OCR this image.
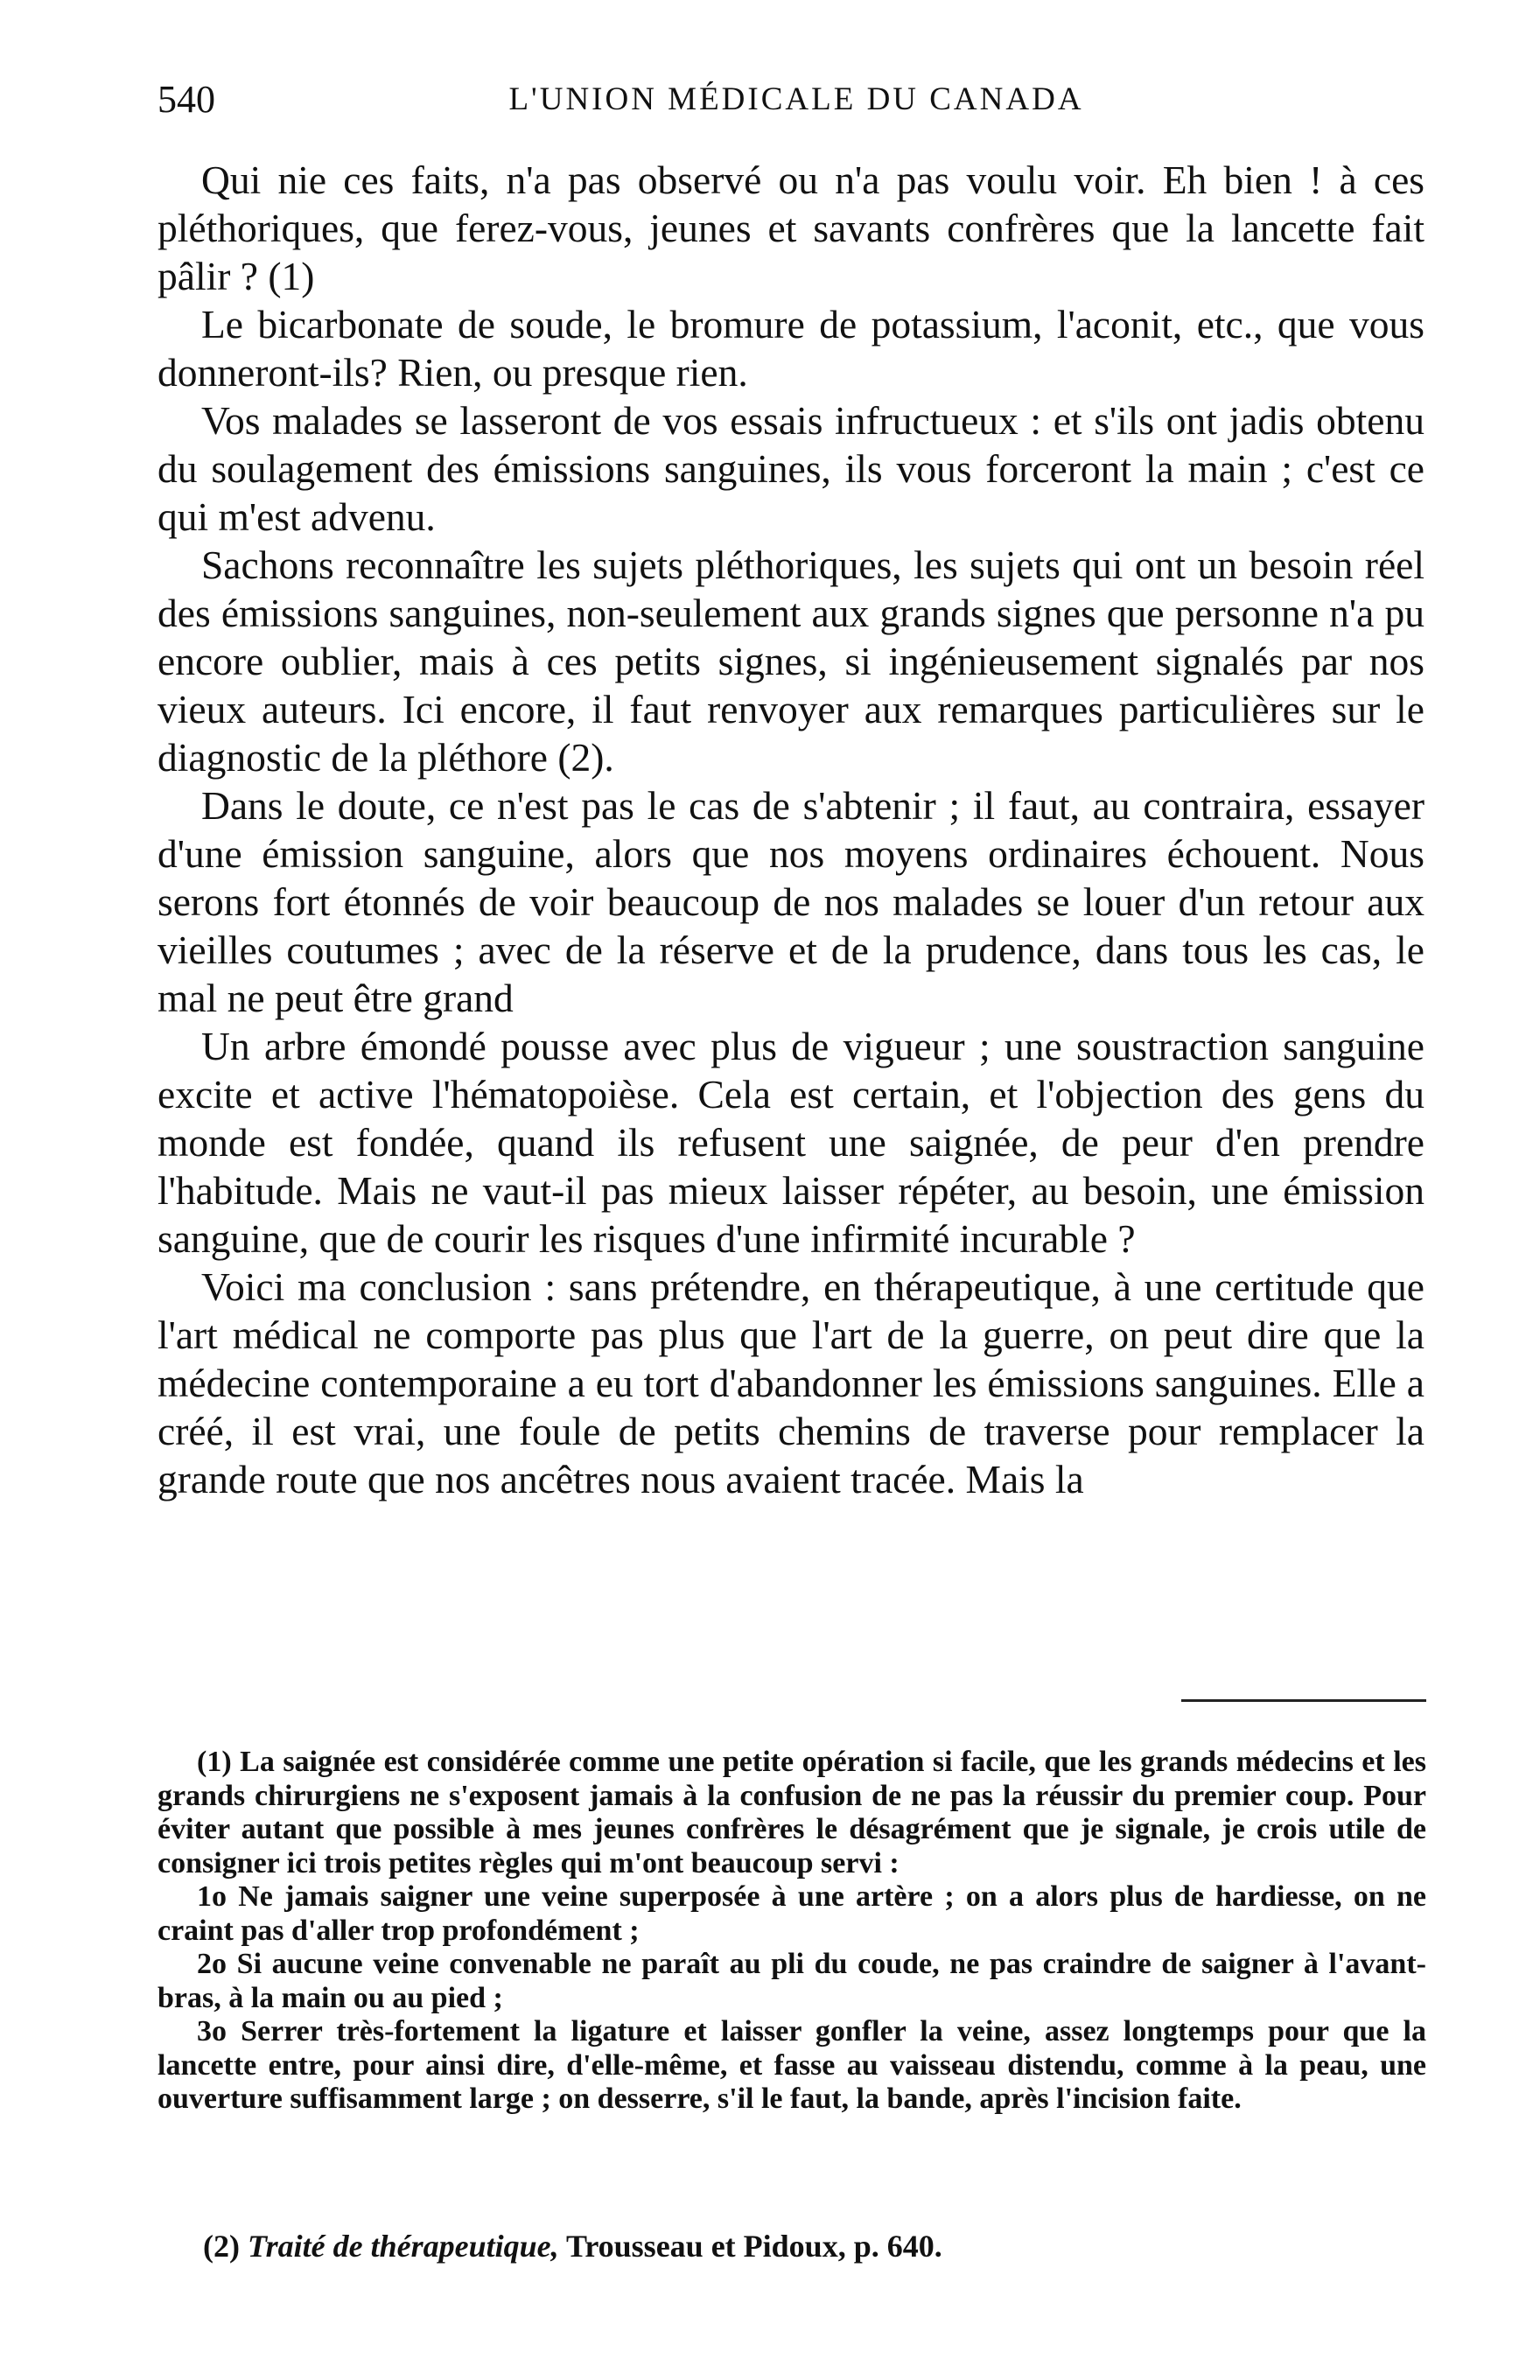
540	L'UNION MÉDICALE DU CANADA

Qui nie ces faits, n'a pas observé ou n'a pas voulu voir. Eh bien ! à ces pléthoriques, que ferez-vous, jeunes et savants confrères que la lancette fait pâlir ? (1)

Le bicarbonate de soude, le bromure de potassium, l'aconit, etc., que vous donneront-ils? Rien, ou presque rien.

Vos malades se lasseront de vos essais infructueux : et s'ils ont jadis obtenu du soulagement des émissions sanguines, ils vous forceront la main ; c'est ce qui m'est advenu.

Sachons reconnaître les sujets pléthoriques, les sujets qui ont un besoin réel des émissions sanguines, non-seulement aux grands signes que personne n'a pu encore oublier, mais à ces petits signes, si ingénieusement signalés par nos vieux auteurs. Ici encore, il faut renvoyer aux remarques particulières sur le diagnostic de la pléthore (2).

Dans le doute, ce n'est pas le cas de s'abtenir ; il faut, au contraira, essayer d'une émission sanguine, alors que nos moyens ordinaires échouent. Nous serons fort étonnés de voir beaucoup de nos malades se louer d'un retour aux vieilles coutumes ; avec de la réserve et de la prudence, dans tous les cas, le mal ne peut être grand

Un arbre émondé pousse avec plus de vigueur ; une soustraction sanguine excite et active l'hématopoièse. Cela est certain, et l'objection des gens du monde est fondée, quand ils refusent une saignée, de peur d'en prendre l'habitude. Mais ne vaut-il pas mieux laisser répéter, au besoin, une émission sanguine, que de courir les risques d'une infirmité incurable ?

Voici ma conclusion : sans prétendre, en thérapeutique, à une certitude que l'art médical ne comporte pas plus que l'art de la guerre, on peut dire que la médecine contemporaine a eu tort d'abandonner les émissions sanguines. Elle a créé, il est vrai, une foule de petits chemins de traverse pour remplacer la grande route que nos ancêtres nous avaient tracée. Mais la

(1) La saignée est considérée comme une petite opération si facile, que les grands médecins et les grands chirurgiens ne s'exposent jamais à la confusion de ne pas la réussir du premier coup. Pour éviter autant que possible à mes jeunes confrères le désagrément que je signale, je crois utile de consigner ici trois petites règles qui m'ont beaucoup servi :

1o Ne jamais saigner une veine superposée à une artère ; on a alors plus de hardiesse, on ne craint pas d'aller trop profondément ;

2o Si aucune veine convenable ne paraît au pli du coude, ne pas craindre de saigner à l'avant-bras, à la main ou au pied ;

3o Serrer très-fortement la ligature et laisser gonfler la veine, assez longtemps pour que la lancette entre, pour ainsi dire, d'elle-même, et fasse au vaisseau distendu, comme à la peau, une ouverture suffisamment large ; on desserre, s'il le faut, la bande, après l'incision faite.

(2) Traité de thérapeutique, Trousseau et Pidoux, p. 640.
